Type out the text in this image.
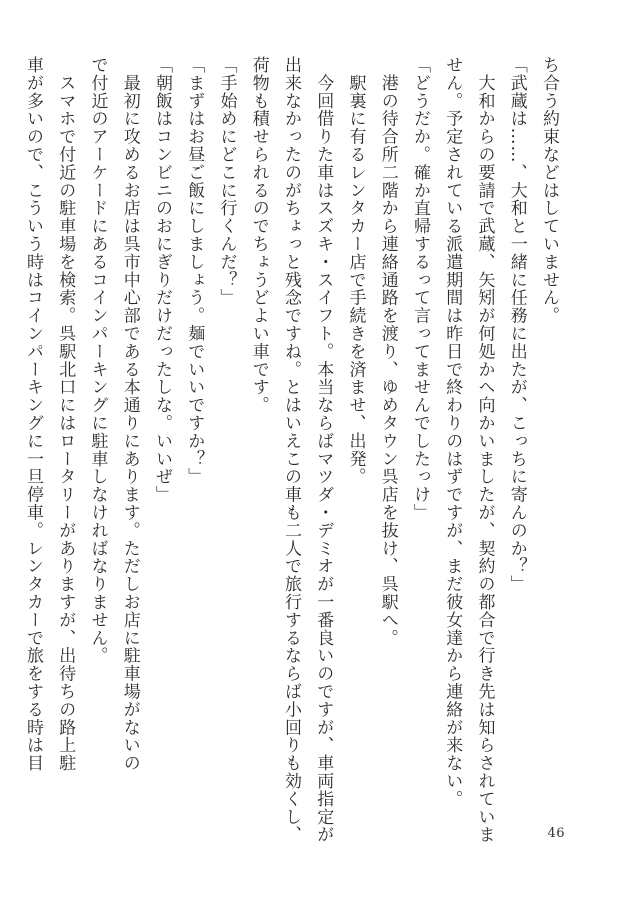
ち合う約束などはしていません。

「武蔵は……、大和と一緒に任務に出たが、こっちに寄んのか？」

　大和からの要請で武蔵、矢矧が何処かへ向かいましたが、契約の都合で行き先は知らされていま

せん。予定されている派遣期間は昨日で終わりのはずですが、まだ彼女達から連絡が来ない。

「どうだか。確か直帰するって言ってませんでしたっけ」

　港の待合所二階から連絡通路を渡り、ゆめタウン呉店を抜け、呉駅へ。

　駅裏に有るレンタカー店で手続きを済ませ、出発。

　今回借りた車はスズキ・スイフト。本当ならばマツダ・デミオが一番良いのですが、車両指定が

出来なかったのがちょっと残念ですね。とはいえこの車も二人で旅行するならば小回りも効くし、

荷物も積せられるのでちょうどよい車です。

「手始めにどこに行くんだ？」

「まずはお昼ご飯にしましょう。麺でいいですか？」

「朝飯はコンビニのおにぎりだけだったしな。いいぜ」

　最初に攻めるお店は呉市中心部である本通りにあります。ただしお店に駐車場がないの

で付近のアーケードにあるコインパーキングに駐車しなければなりません。

　スマホで付近の駐車場を検索。呉駅北口にはロータリーがありますが、出待ちの路上駐

車が多いので、こういう時はコインパーキングに一旦停車。レンタカーで旅をする時は目

46
